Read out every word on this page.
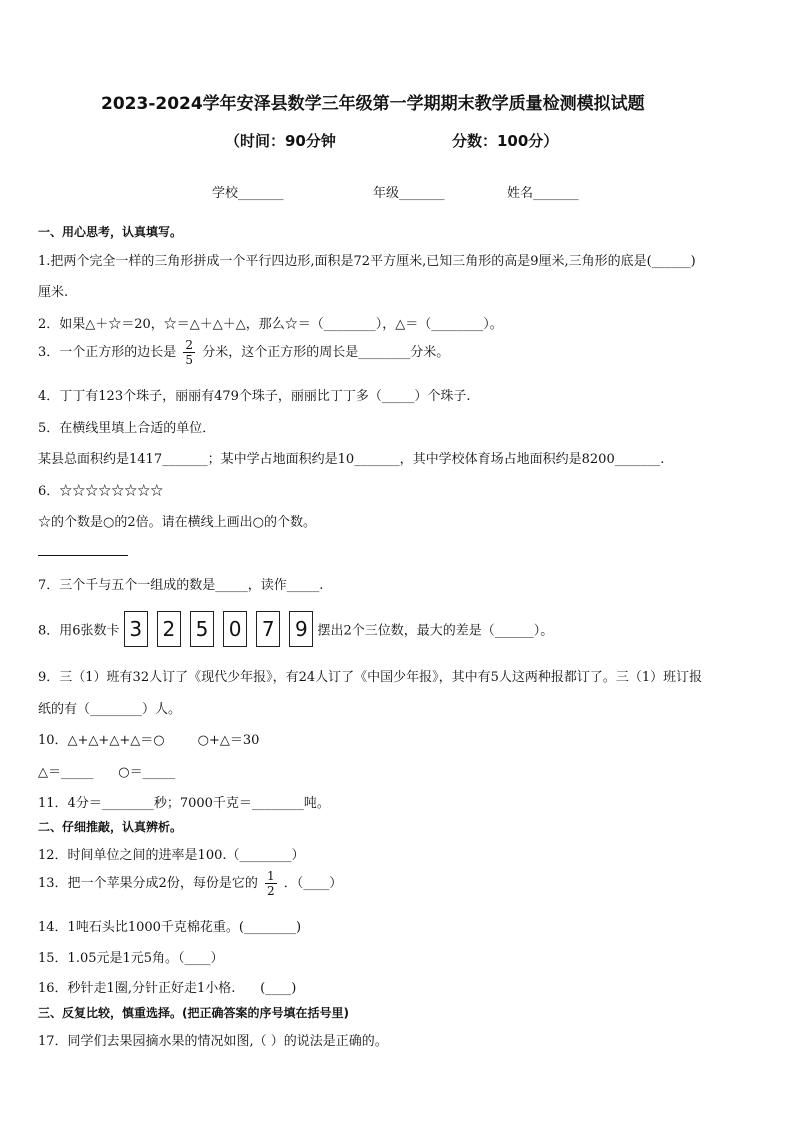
2023-2024学年安泽县数学三年级第一学期期末教学质量检测模拟试题
（时间：90分钟	分数：100分）
学校_______	年级_______	姓名_______
一、用心思考，认真填写。
1.把两个完全一样的三角形拼成一个平行四边形,面积是72平方厘米,已知三角形的高是9厘米,三角形的底是(______)
厘米.
2．如果△＋☆＝20，☆＝△＋△＋△，那么☆＝（________），△＝（________）。
3．一个正方形的边长是 $\frac{2}{5}$ 分米，这个正方形的周长是________分米。
4．丁丁有123个珠子，丽丽有479个珠子，丽丽比丁丁多（_____）个珠子.
5．在横线里填上合适的单位．
某县总面积约是1417_______；某中学占地面积约是10_______，其中学校体育场占地面积约是8200_______.
6．☆☆☆☆☆☆☆☆
☆的个数是○的2倍。请在横线上画出○的个数。
7．三个千与五个一组成的数是_____，读作_____.
8．用6张数卡 3 2 5 0 7 9 摆出2个三位数，最大的差是（______）。
9．三（1）班有32人订了《现代少年报》，有24人订了《中国少年报》，其中有5人这两种报都订了。三（1）班订报
纸的有（________）人。
10．△+△+△+△＝○        ○+△＝30
△＝_____      ○＝_____
11．4分＝________秒；7000千克＝________吨。
二、仔细推敲，认真辨析。
12．时间单位之间的进率是100.（________）
13．把一个苹果分成2份，每份是它的 $\frac{1}{2}$ ．（____）
14．1吨石头比1000千克棉花重。(________)
15．1.05元是1元5角。（____）
16．秒针走1圈,分针正好走1小格.      (____)
三、反复比较，慎重选择。(把正确答案的序号填在括号里)
17．同学们去果园摘水果的情况如图,（ ）的说法是正确的。
